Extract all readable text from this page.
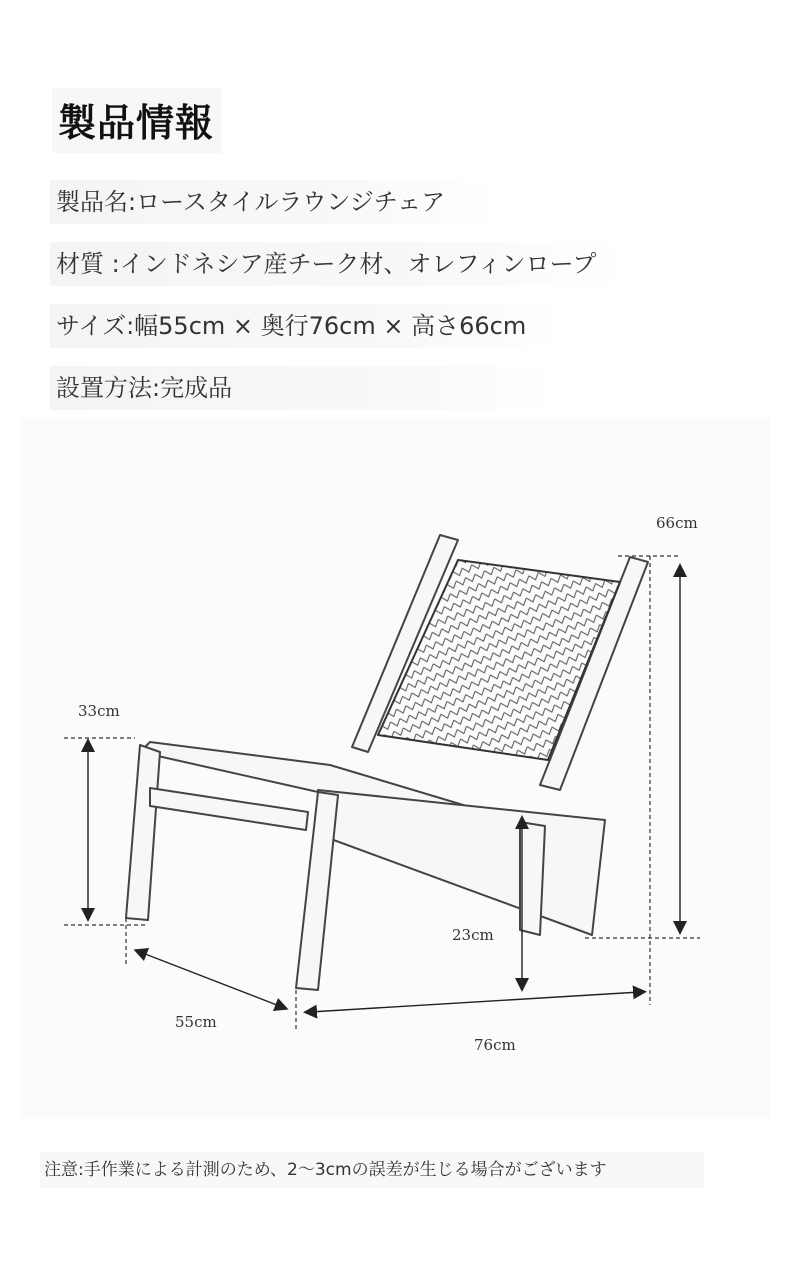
製品情報
製品名:ロースタイルラウンジチェア
材質 :インドネシア産チーク材、オレフィンロープ
サイズ:幅55cm × 奥行76cm × 高さ66cm
設置方法:完成品
66cm
33cm
23cm
55cm
76cm
注意:手作業による計測のため、2〜3cmの誤差が生じる場合がございます
